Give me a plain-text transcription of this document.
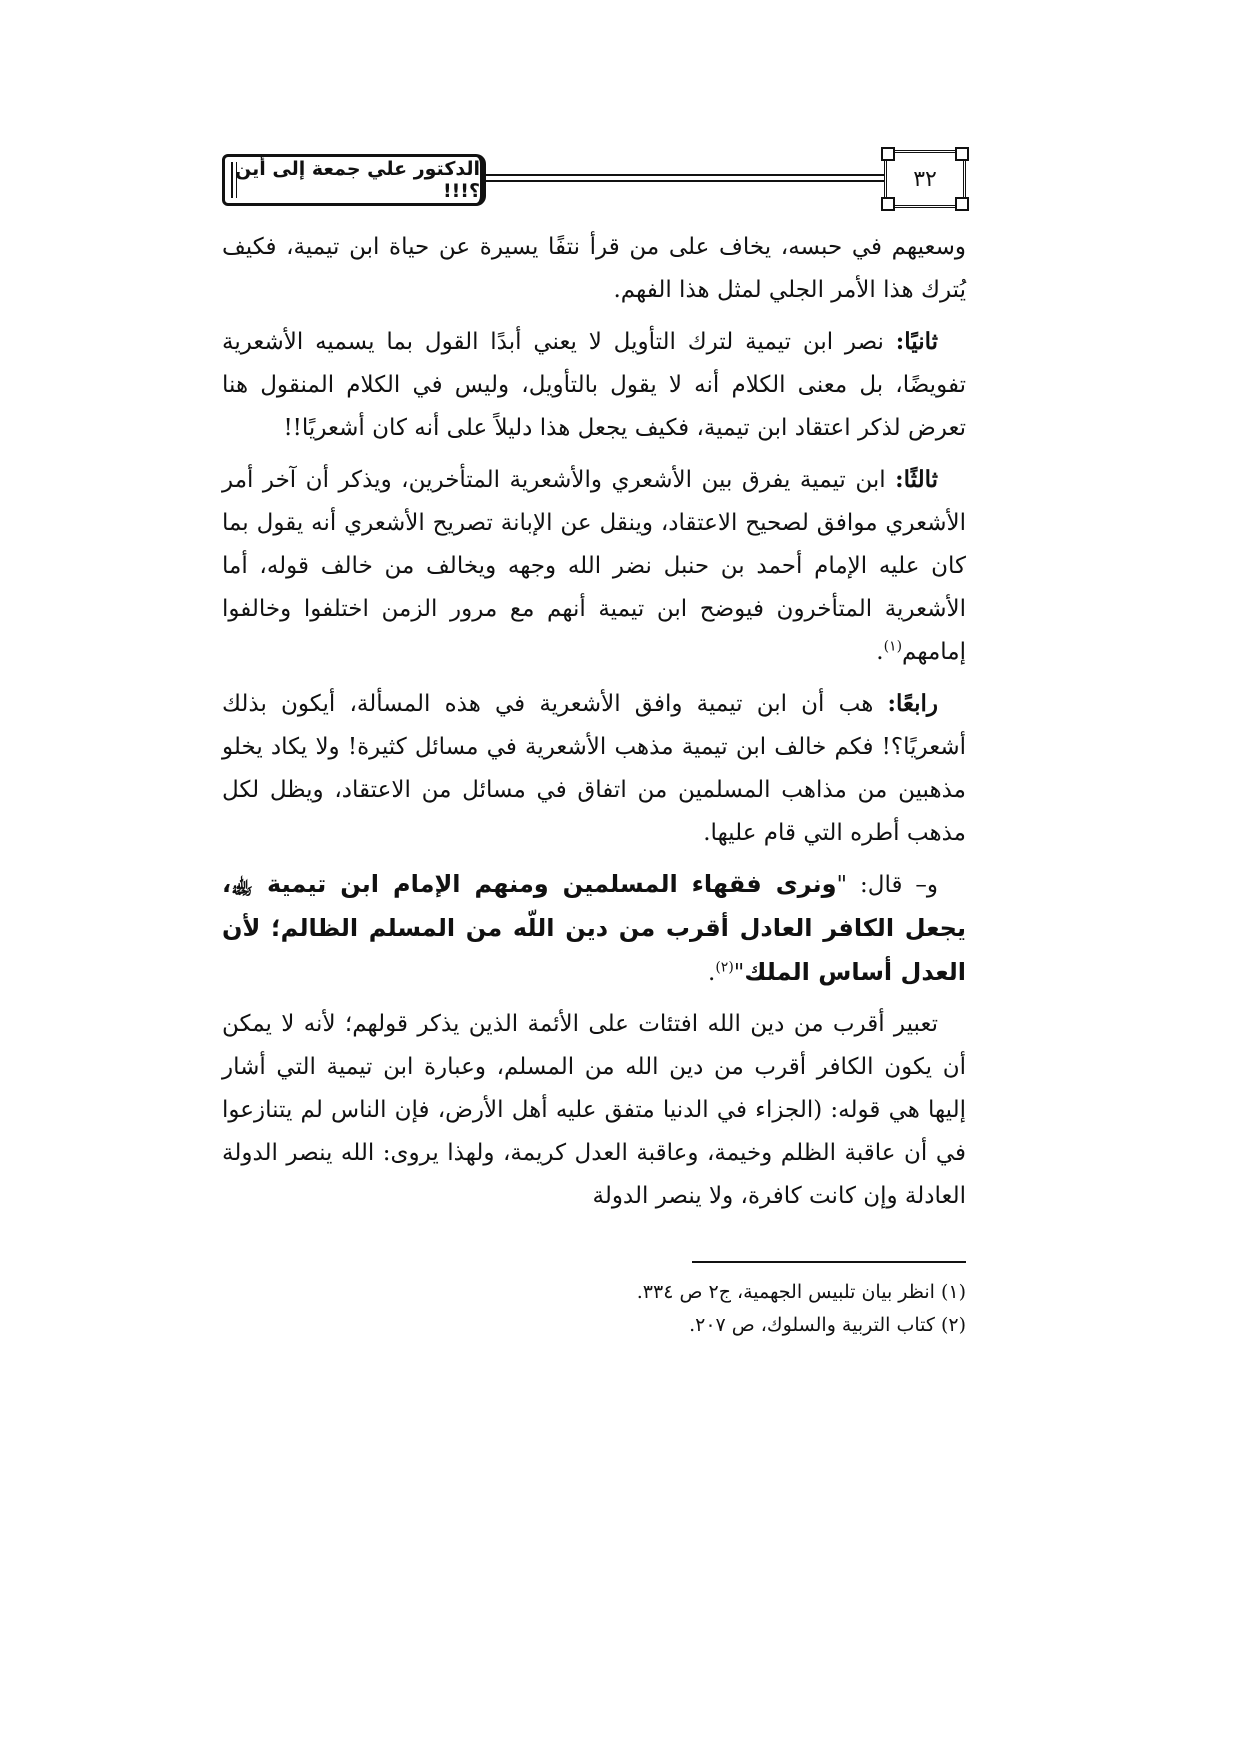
الدكتور علي جمعة إلى أين ؟!!!	٣٢

وسعيهم في حبسه، يخاف على من قرأ نتفًا يسيرة عن حياة ابن تيمية، فكيف يُترك هذا الأمر الجلي لمثل هذا الفهم.

ثانيًا: نصر ابن تيمية لترك التأويل لا يعني أبدًا القول بما يسميه الأشعرية تفويضًا، بل معنى الكلام أنه لا يقول بالتأويل، وليس في الكلام المنقول هنا تعرض لذكر اعتقاد ابن تيمية، فكيف يجعل هذا دليلاً على أنه كان أشعريًا!!

ثالثًا: ابن تيمية يفرق بين الأشعري والأشعرية المتأخرين، ويذكر أن آخر أمر الأشعري موافق لصحيح الاعتقاد، وينقل عن الإبانة تصريح الأشعري أنه يقول بما كان عليه الإمام أحمد بن حنبل نضر الله وجهه ويخالف من خالف قوله، أما الأشعرية المتأخرون فيوضح ابن تيمية أنهم مع مرور الزمن اختلفوا وخالفوا إمامهم$^{(١)}$.

رابعًا: هب أن ابن تيمية وافق الأشعرية في هذه المسألة، أيكون بذلك أشعريًا؟! فكم خالف ابن تيمية مذهب الأشعرية في مسائل كثيرة! ولا يكاد يخلو مذهبين من مذاهب المسلمين من اتفاق في مسائل من الاعتقاد، ويظل لكل مذهب أطره التي قام عليها.

و– قال: "ونرى فقهاء المسلمين ومنهم الإمام ابن تيمية ﵀، يجعل الكافر العادل أقرب من دين اللّه من المسلم الظالم؛ لأن العدل أساس الملك"$^{(٢)}$.

تعبير أقرب من دين الله افتئات على الأئمة الذين يذكر قولهم؛ لأنه لا يمكن أن يكون الكافر أقرب من دين الله من المسلم، وعبارة ابن تيمية التي أشار إليها هي قوله: (الجزاء في الدنيا متفق عليه أهل الأرض، فإن الناس لم يتنازعوا في أن عاقبة الظلم وخيمة، وعاقبة العدل كريمة، ولهذا يروى: الله ينصر الدولة العادلة وإن كانت كافرة، ولا ينصر الدولة

(١) انظر بيان تلبيس الجهمية، ج٢ ص ٣٣٤.

(٢) كتاب التربية والسلوك، ص ٢٠٧.
